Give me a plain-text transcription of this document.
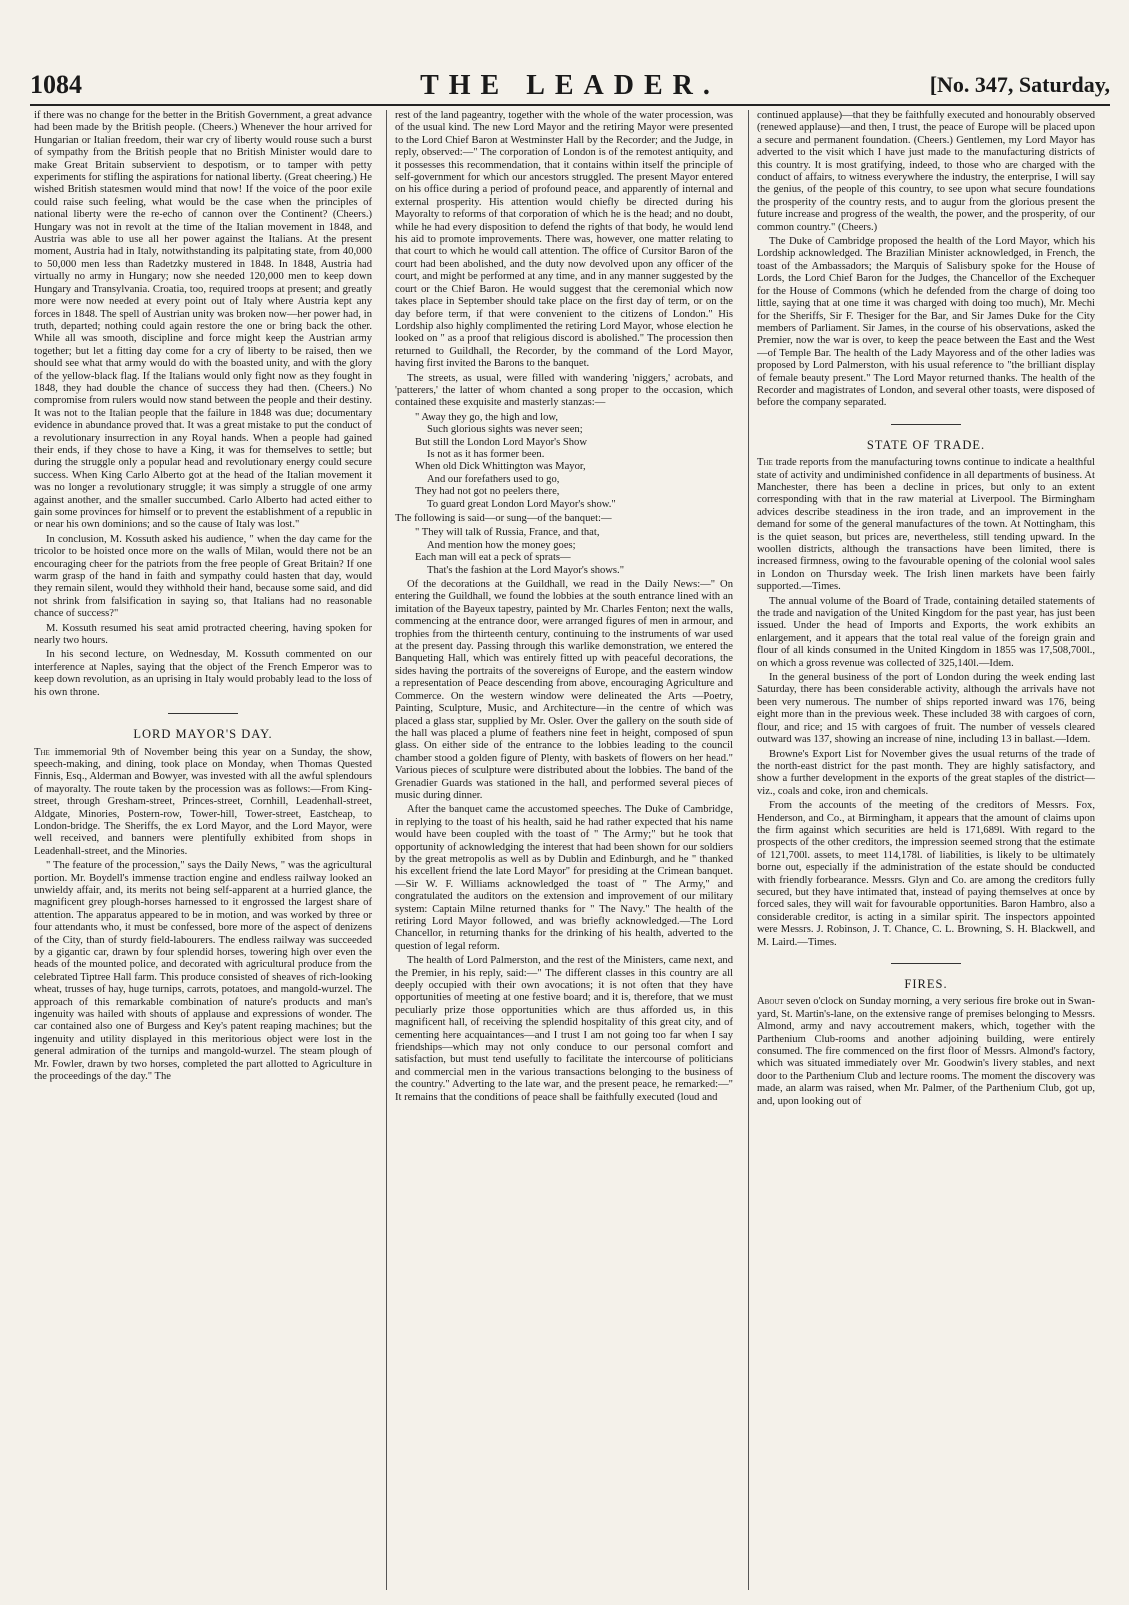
1084	THE LEADER.	[No. 347, Saturday,

if there was no change for the better in the British Government, a great advance had been made by the British people. (Cheers.) Whenever the hour arrived for Hungarian or Italian freedom, their war cry of liberty would rouse such a burst of sympathy from the British people that no British Minister would dare to make Great Britain subservient to despotism, or to tamper with petty experiments for stifling the aspirations for national liberty. (Great cheering.) He wished British statesmen would mind that now! If the voice of the poor exile could raise such feeling, what would be the case when the principles of national liberty were the re-echo of cannon over the Continent? (Cheers.) Hungary was not in revolt at the time of the Italian movement in 1848, and Austria was able to use all her power against the Italians. At the present moment, Austria had in Italy, notwithstanding its palpitating state, from 40,000 to 50,000 men less than Radetzky mustered in 1848. In 1848, Austria had virtually no army in Hungary; now she needed 120,000 men to keep down Hungary and Transylvania. Croatia, too, required troops at present; and greatly more were now needed at every point out of Italy where Austria kept any forces in 1848. The spell of Austrian unity was broken now—her power had, in truth, departed; nothing could again restore the one or bring back the other. While all was smooth, discipline and force might keep the Austrian army together; but let a fitting day come for a cry of liberty to be raised, then we should see what that army would do with the boasted unity, and with the glory of the yellow-black flag. If the Italians would only fight now as they fought in 1848, they had double the chance of success they had then. (Cheers.) No compromise from rulers would now stand between the people and their destiny. It was not to the Italian people that the failure in 1848 was due; documentary evidence in abundance proved that. It was a great mistake to put the conduct of a revolutionary insurrection in any Royal hands. When a people had gained their ends, if they chose to have a King, it was for themselves to settle; but during the struggle only a popular head and revolutionary energy could secure success. When King Carlo Alberto got at the head of the Italian movement it was no longer a revolutionary struggle; it was simply a struggle of one army against another, and the smaller succumbed. Carlo Alberto had acted either to gain some provinces for himself or to prevent the establishment of a republic in or near his own dominions; and so the cause of Italy was lost."

In conclusion, M. Kossuth asked his audience, " when the day came for the tricolor to be hoisted once more on the walls of Milan, would there not be an encouraging cheer for the patriots from the free people of Great Britain? If one warm grasp of the hand in faith and sympathy could hasten that day, would they remain silent, would they withhold their hand, because some said, and did not shrink from falsification in saying so, that Italians had no reasonable chance of success?"

M. Kossuth resumed his seat amid protracted cheering, having spoken for nearly two hours.

In his second lecture, on Wednesday, M. Kossuth commented on our interference at Naples, saying that the object of the French Emperor was to keep down revolution, as an uprising in Italy would probably lead to the loss of his own throne.

LORD MAYOR'S DAY.

The immemorial 9th of November being this year on a Sunday, the show, speech-making, and dining, took place on Monday, when Thomas Quested Finnis, Esq., Alderman and Bowyer, was invested with all the awful splendours of mayoralty. The route taken by the procession was as follows:—From King-street, through Gresham-street, Princes-street, Cornhill, Leadenhall-street, Aldgate, Minories, Postern-row, Tower-hill, Tower-street, Eastcheap, to London-bridge. The Sheriffs, the ex Lord Mayor, and the Lord Mayor, were well received, and banners were plentifully exhibited from shops in Leadenhall-street, and the Minories.

" The feature of the procession," says the Daily News, " was the agricultural portion. Mr. Boydell's immense traction engine and endless railway looked an unwieldy affair, and, its merits not being self-apparent at a hurried glance, the magnificent grey plough-horses harnessed to it engrossed the largest share of attention. The apparatus appeared to be in motion, and was worked by three or four attendants who, it must be confessed, bore more of the aspect of denizens of the City, than of sturdy field-labourers. The endless railway was succeeded by a gigantic car, drawn by four splendid horses, towering high over even the heads of the mounted police, and decorated with agricultural produce from the celebrated Tiptree Hall farm. This produce consisted of sheaves of rich-looking wheat, trusses of hay, huge turnips, carrots, potatoes, and mangold-wurzel. The approach of this remarkable combination of nature's products and man's ingenuity was hailed with shouts of applause and expressions of wonder. The car contained also one of Burgess and Key's patent reaping machines; but the ingenuity and utility displayed in this meritorious object were lost in the general admiration of the turnips and mangold-wurzel. The steam plough of Mr. Fowler, drawn by two horses, completed the part allotted to Agriculture in the proceedings of the day." The

rest of the land pageantry, together with the whole of the water procession, was of the usual kind. The new Lord Mayor and the retiring Mayor were presented to the Lord Chief Baron at Westminster Hall by the Recorder; and the Judge, in reply, observed:—" The corporation of London is of the remotest antiquity, and it possesses this recommendation, that it contains within itself the principle of self-government for which our ancestors struggled. The present Mayor entered on his office during a period of profound peace, and apparently of internal and external prosperity. His attention would chiefly be directed during his Mayoralty to reforms of that corporation of which he is the head; and no doubt, while he had every disposition to defend the rights of that body, he would lend his aid to promote improvements. There was, however, one matter relating to that court to which he would call attention. The office of Cursitor Baron of the court had been abolished, and the duty now devolved upon any officer of the court, and might be performed at any time, and in any manner suggested by the court or the Chief Baron. He would suggest that the ceremonial which now takes place in September should take place on the first day of term, or on the day before term, if that were convenient to the citizens of London." His Lordship also highly complimented the retiring Lord Mayor, whose election he looked on " as a proof that religious discord is abolished." The procession then returned to Guildhall, the Recorder, by the command of the Lord Mayor, having first invited the Barons to the banquet.

The streets, as usual, were filled with wandering 'niggers,' acrobats, and 'patterers,' the latter of whom chanted a song proper to the occasion, which contained these exquisite and masterly stanzas:—

" Away they go, the high and low,
Such glorious sights was never seen;
But still the London Lord Mayor's Show
Is not as it has former been.
When old Dick Whittington was Mayor,
And our forefathers used to go,
They had not got no peelers there,
To guard great London Lord Mayor's show."

The following is said—or sung—of the banquet:—

" They will talk of Russia, France, and that,
And mention how the money goes;
Each man will eat a peck of sprats—
That's the fashion at the Lord Mayor's shows."

Of the decorations at the Guildhall, we read in the Daily News:—" On entering the Guildhall, we found the lobbies at the south entrance lined with an imitation of the Bayeux tapestry, painted by Mr. Charles Fenton; next the walls, commencing at the entrance door, were arranged figures of men in armour, and trophies from the thirteenth century, continuing to the instruments of war used at the present day. Passing through this warlike demonstration, we entered the Banqueting Hall, which was entirely fitted up with peaceful decorations, the sides having the portraits of the sovereigns of Europe, and the eastern window a representation of Peace descending from above, encouraging Agriculture and Commerce. On the western window were delineated the Arts —Poetry, Painting, Sculpture, Music, and Architecture—in the centre of which was placed a glass star, supplied by Mr. Osler. Over the gallery on the south side of the hall was placed a plume of feathers nine feet in height, composed of spun glass. On either side of the entrance to the lobbies leading to the council chamber stood a golden figure of Plenty, with baskets of flowers on her head." Various pieces of sculpture were distributed about the lobbies. The band of the Grenadier Guards was stationed in the hall, and performed several pieces of music during dinner.

After the banquet came the accustomed speeches. The Duke of Cambridge, in replying to the toast of his health, said he had rather expected that his name would have been coupled with the toast of " The Army;" but he took that opportunity of acknowledging the interest that had been shown for our soldiers by the great metropolis as well as by Dublin and Edinburgh, and he " thanked his excellent friend the late Lord Mayor" for presiding at the Crimean banquet.—Sir W. F. Williams acknowledged the toast of " The Army," and congratulated the auditors on the extension and improvement of our military system: Captain Milne returned thanks for " The Navy." The health of the retiring Lord Mayor followed, and was briefly acknowledged.—The Lord Chancellor, in returning thanks for the drinking of his health, adverted to the question of legal reform.

The health of Lord Palmerston, and the rest of the Ministers, came next, and the Premier, in his reply, said:—" The different classes in this country are all deeply occupied with their own avocations; it is not often that they have opportunities of meeting at one festive board; and it is, therefore, that we must peculiarly prize those opportunities which are thus afforded us, in this magnificent hall, of receiving the splendid hospitality of this great city, and of cementing here acquaintances—and I trust I am not going too far when I say friendships—which may not only conduce to our personal comfort and satisfaction, but must tend usefully to facilitate the intercourse of politicians and commercial men in the various transactions belonging to the business of the country." Adverting to the late war, and the present peace, he remarked:—" It remains that the conditions of peace shall be faithfully executed (loud and

continued applause)—that they be faithfully executed and honourably observed (renewed applause)—and then, I trust, the peace of Europe will be placed upon a secure and permanent foundation. (Cheers.) Gentlemen, my Lord Mayor has adverted to the visit which I have just made to the manufacturing districts of this country. It is most gratifying, indeed, to those who are charged with the conduct of affairs, to witness everywhere the industry, the enterprise, I will say the genius, of the people of this country, to see upon what secure foundations the prosperity of the country rests, and to augur from the glorious present the future increase and progress of the wealth, the power, and the prosperity, of our common country." (Cheers.)

The Duke of Cambridge proposed the health of the Lord Mayor, which his Lordship acknowledged. The Brazilian Minister acknowledged, in French, the toast of the Ambassadors; the Marquis of Salisbury spoke for the House of Lords, the Lord Chief Baron for the Judges, the Chancellor of the Exchequer for the House of Commons (which he defended from the charge of doing too little, saying that at one time it was charged with doing too much), Mr. Mechi for the Sheriffs, Sir F. Thesiger for the Bar, and Sir James Duke for the City members of Parliament. Sir James, in the course of his observations, asked the Premier, now the war is over, to keep the peace between the East and the West—of Temple Bar. The health of the Lady Mayoress and of the other ladies was proposed by Lord Palmerston, with his usual reference to "the brilliant display of female beauty present." The Lord Mayor returned thanks. The health of the Recorder and magistrates of London, and several other toasts, were disposed of before the company separated.

STATE OF TRADE.

The trade reports from the manufacturing towns continue to indicate a healthful state of activity and undiminished confidence in all departments of business. At Manchester, there has been a decline in prices, but only to an extent corresponding with that in the raw material at Liverpool. The Birmingham advices describe steadiness in the iron trade, and an improvement in the demand for some of the general manufactures of the town. At Nottingham, this is the quiet season, but prices are, nevertheless, still tending upward. In the woollen districts, although the transactions have been limited, there is increased firmness, owing to the favourable opening of the colonial wool sales in London on Thursday week. The Irish linen markets have been fairly supported.—Times.

The annual volume of the Board of Trade, containing detailed statements of the trade and navigation of the United Kingdom for the past year, has just been issued. Under the head of Imports and Exports, the work exhibits an enlargement, and it appears that the total real value of the foreign grain and flour of all kinds consumed in the United Kingdom in 1855 was 17,508,700l., on which a gross revenue was collected of 325,140l.—Idem.

In the general business of the port of London during the week ending last Saturday, there has been considerable activity, although the arrivals have not been very numerous. The number of ships reported inward was 176, being eight more than in the previous week. These included 38 with cargoes of corn, flour, and rice; and 15 with cargoes of fruit. The number of vessels cleared outward was 137, showing an increase of nine, including 13 in ballast.—Idem.

Browne's Export List for November gives the usual returns of the trade of the north-east district for the past month. They are highly satisfactory, and show a further development in the exports of the great staples of the district—viz., coals and coke, iron and chemicals.

From the accounts of the meeting of the creditors of Messrs. Fox, Henderson, and Co., at Birmingham, it appears that the amount of claims upon the firm against which securities are held is 171,689l. With regard to the prospects of the other creditors, the impression seemed strong that the estimate of 121,700l. assets, to meet 114,178l. of liabilities, is likely to be ultimately borne out, especially if the administration of the estate should be conducted with friendly forbearance. Messrs. Glyn and Co. are among the creditors fully secured, but they have intimated that, instead of paying themselves at once by forced sales, they will wait for favourable opportunities. Baron Hambro, also a considerable creditor, is acting in a similar spirit. The inspectors appointed were Messrs. J. Robinson, J. T. Chance, C. L. Browning, S. H. Blackwell, and M. Laird.—Times.

FIRES.

About seven o'clock on Sunday morning, a very serious fire broke out in Swan-yard, St. Martin's-lane, on the extensive range of premises belonging to Messrs. Almond, army and navy accoutrement makers, which, together with the Parthenium Club-rooms and another adjoining building, were entirely consumed. The fire commenced on the first floor of Messrs. Almond's factory, which was situated immediately over Mr. Goodwin's livery stables, and next door to the Parthenium Club and lecture rooms. The moment the discovery was made, an alarm was raised, when Mr. Palmer, of the Parthenium Club, got up, and, upon looking out of
